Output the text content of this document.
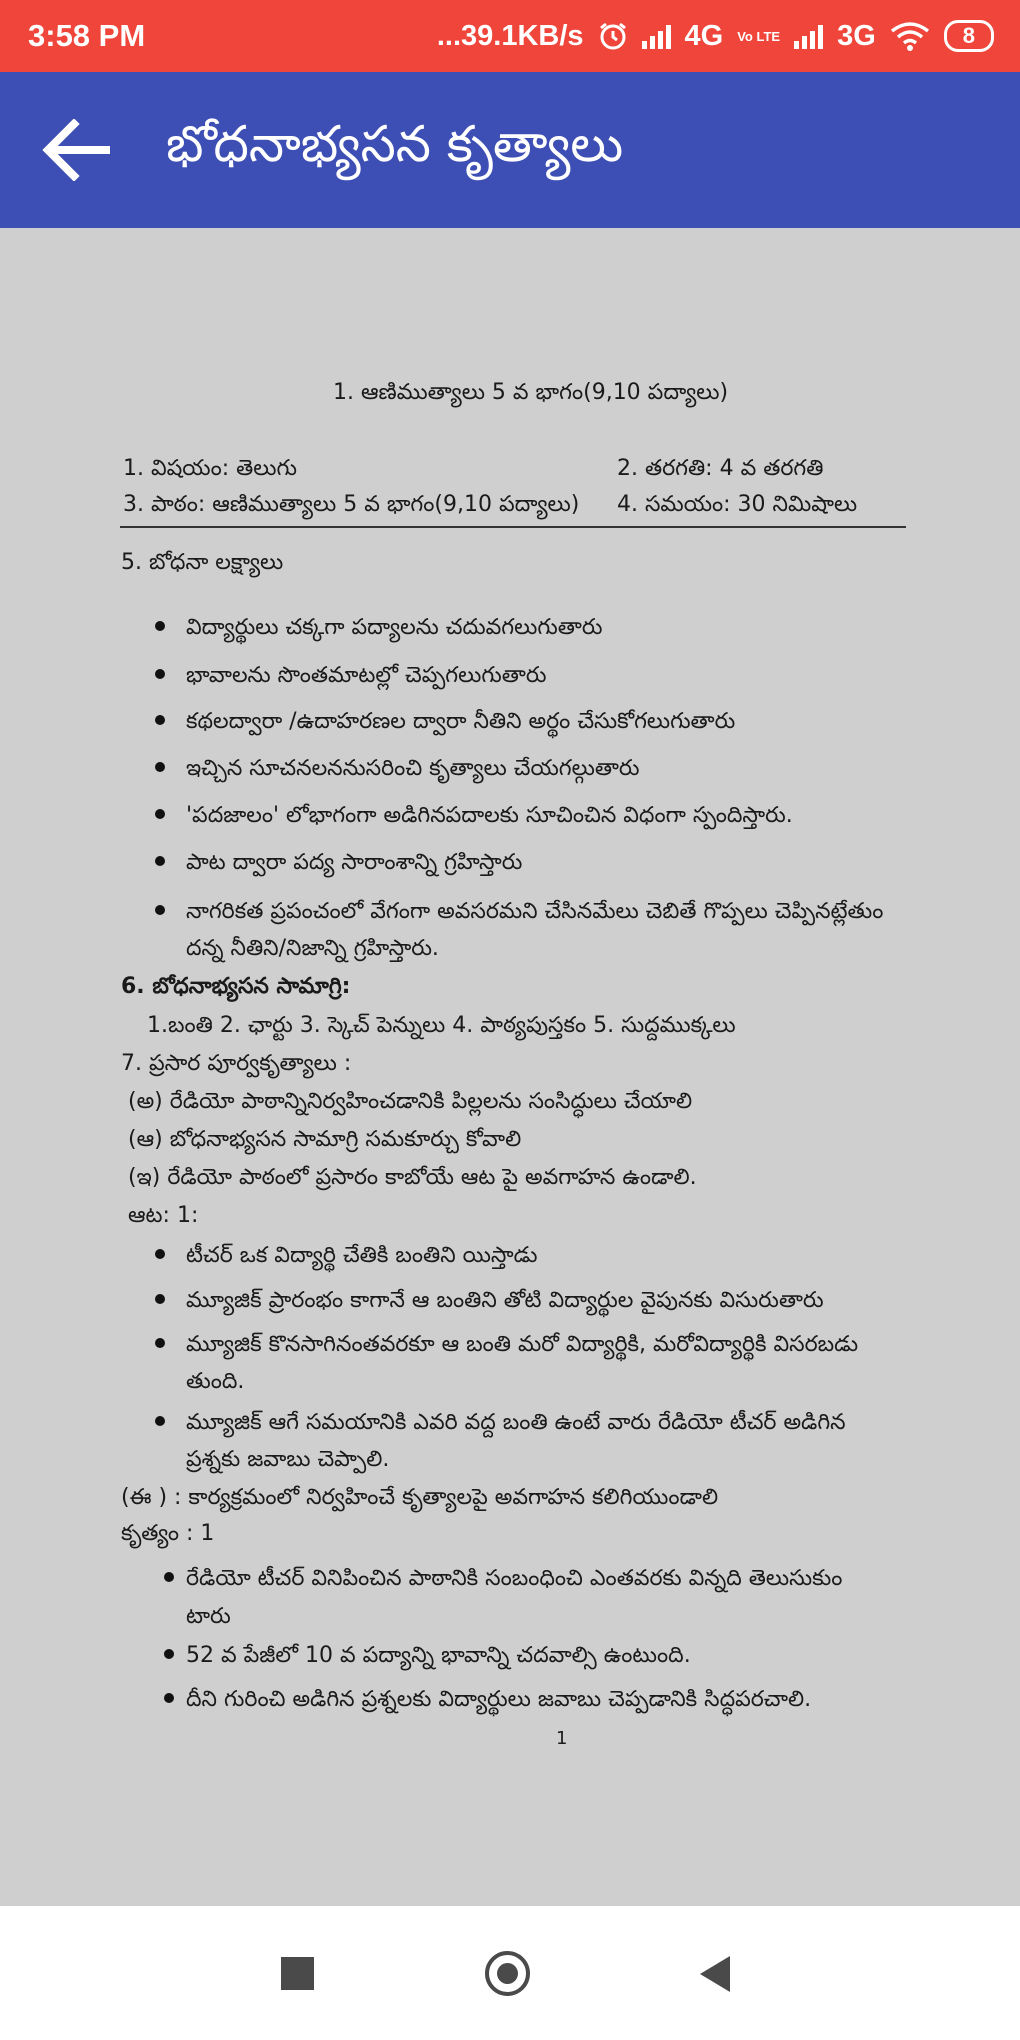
3:58 PM	...39.1KB/s	4G Vo LTE 3G	8
భోధనాభ్యసన కృత్యాలు
1. ఆణిముత్యాలు 5 వ భాగం(9,10 పద్యాలు)
1. విషయం: తెలుగు	2. తరగతి: 4 వ తరగతి
3. పాఠం: ఆణిముత్యాలు 5 వ భాగం(9,10 పద్యాలు) 4. సమయం: 30 నిమిషాలు
5. బోధనా లక్ష్యాలు
విద్యార్థులు చక్కగా పద్యాలను చదువగలుగుతారు
భావాలను సొంతమాటల్లో చెప్పగలుగుతారు
కథలద్వారా /ఉదాహరణల ద్వారా నీతిని అర్థం చేసుకోగలుగుతారు
ఇచ్చిన సూచనలననుసరించి కృత్యాలు చేయగల్గుతారు
'పదజాలం' లోభాగంగా అడిగినపదాలకు సూచించిన విధంగా స్పందిస్తారు.
పాట ద్వారా పద్య సారాంశాన్ని గ్రహిస్తారు
నాగరికత ప్రపంచంలో వేగంగా అవసరమని చేసినమేలు చెబితే గొప్పలు చెప్పినట్లేతుం
దన్న నీతిని/నిజాన్ని గ్రహిస్తారు.
6. బోధనాభ్యసన సామాగ్రి:
1.బంతి 2. ఛార్టు 3. స్కెచ్ పెన్నులు 4. పాఠ్యపుస్తకం 5. సుద్దముక్కలు
7. ప్రసార పూర్వకృత్యాలు :
(అ) రేడియో పాఠాన్నినిర్వహించడానికి పిల్లలను సంసిద్ధులు చేయాలి
(ఆ) బోధనాభ్యసన సామాగ్రి సమకూర్చు కోవాలి
(ఇ) రేడియో పాఠంలో ప్రసారం కాబోయే ఆట పై అవగాహన ఉండాలి.
ఆట: 1:
టీచర్ ఒక విద్యార్థి చేతికి బంతిని యిస్తాడు
మ్యూజిక్ ప్రారంభం కాగానే ఆ బంతిని తోటి విద్యార్థుల వైపునకు విసురుతారు
మ్యూజిక్ కొనసాగినంతవరకూ ఆ బంతి మరో విద్యార్థికి, మరోవిద్యార్థికి విసరబడు
తుంది.
మ్యూజిక్ ఆగే సమయానికి ఎవరి వద్ద బంతి ఉంటే వారు రేడియో టీచర్ అడిగిన
ప్రశ్నకు జవాబు చెప్పాలి.
(ఈ ) : కార్యక్రమంలో నిర్వహించే కృత్యాలపై అవగాహన కలిగియుండాలి
కృత్యం : 1
రేడియో టీచర్ వినిపించిన పాఠానికి సంబంధించి ఎంతవరకు విన్నది తెలుసుకుం
టారు
52 వ పేజీలో 10 వ పద్యాన్ని భావాన్ని చదవాల్సి ఉంటుంది.
దీని గురించి అడిగిన ప్రశ్నలకు విద్యార్థులు జవాబు చెప్పడానికి సిద్ధపరచాలి.
1
